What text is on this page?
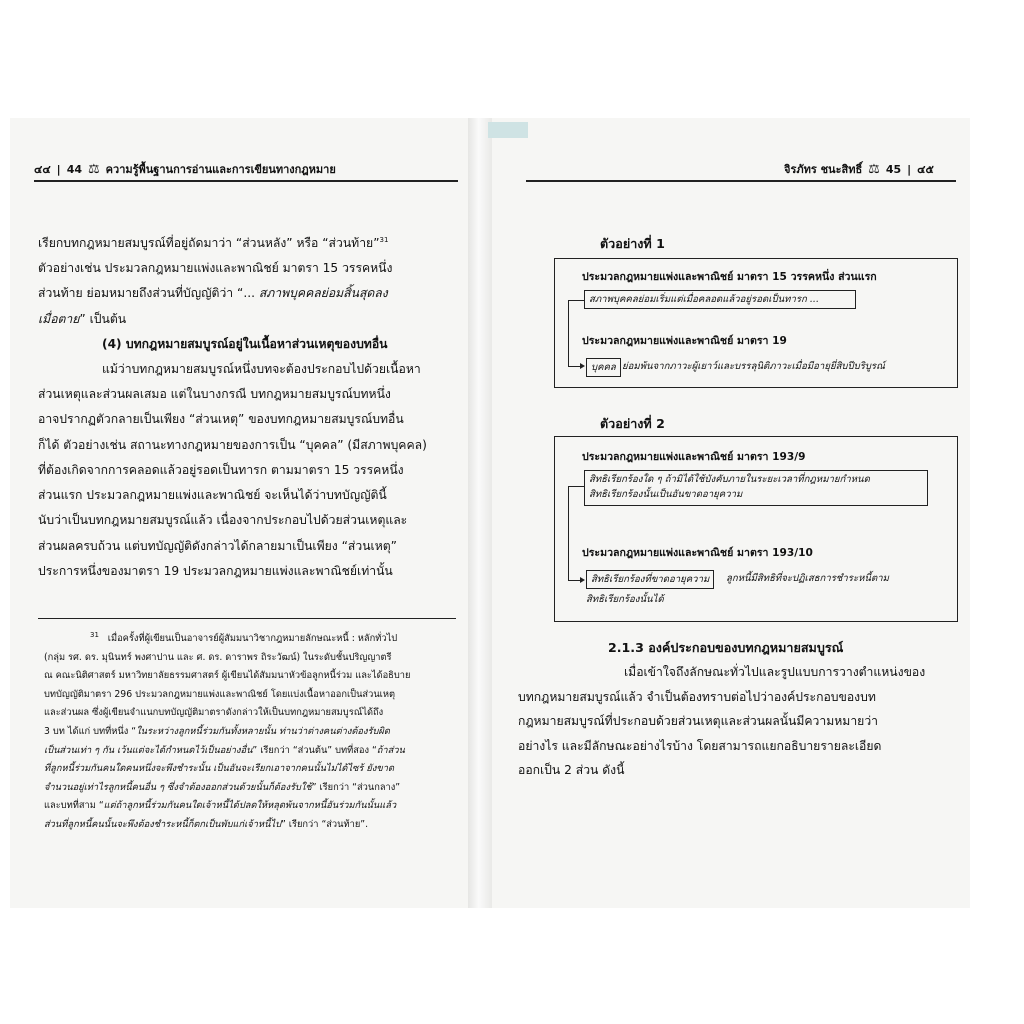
๔๔ | 44 ⚖ ความรู้พื้นฐานการอ่านและการเขียนทางกฎหมาย

เรียกบทกฎหมายสมบูรณ์ที่อยู่ถัดมาว่า “ส่วนหลัง” หรือ “ส่วนท้าย”$^{31}$

ตัวอย่างเช่น ประมวลกฎหมายแพ่งและพาณิชย์ มาตรา 15 วรรคหนึ่ง

ส่วนท้าย ย่อมหมายถึงส่วนที่บัญญัติว่า “... สภาพบุคคลย่อมสิ้นสุดลง

เมื่อตาย” เป็นต้น

(4) บทกฎหมายสมบูรณ์อยู่ในเนื้อหาส่วนเหตุของบทอื่น

แม้ว่าบทกฎหมายสมบูรณ์หนึ่งบทจะต้องประกอบไปด้วยเนื้อหา

ส่วนเหตุและส่วนผลเสมอ แต่ในบางกรณี บทกฎหมายสมบูรณ์บทหนึ่ง

อาจปรากฏตัวกลายเป็นเพียง “ส่วนเหตุ” ของบทกฎหมายสมบูรณ์บทอื่น

ก็ได้ ตัวอย่างเช่น สถานะทางกฎหมายของการเป็น “บุคคล” (มีสภาพบุคคล)

ที่ต้องเกิดจากการคลอดแล้วอยู่รอดเป็นทารก ตามมาตรา 15 วรรคหนึ่ง

ส่วนแรก ประมวลกฎหมายแพ่งและพาณิชย์ จะเห็นได้ว่าบทบัญญัตินี้

นับว่าเป็นบทกฎหมายสมบูรณ์แล้ว เนื่องจากประกอบไปด้วยส่วนเหตุและ

ส่วนผลครบถ้วน แต่บทบัญญัติดังกล่าวได้กลายมาเป็นเพียง “ส่วนเหตุ”

ประการหนึ่งของมาตรา 19 ประมวลกฎหมายแพ่งและพาณิชย์เท่านั้น

$^{31}$ เมื่อครั้งที่ผู้เขียนเป็นอาจารย์ผู้สัมมนาวิชากฎหมายลักษณะหนี้ : หลักทั่วไป

(กลุ่ม รศ. ดร. มุนินทร์ พงศาปาน และ ศ. ดร. ดาราพร ถิระวัฒน์) ในระดับชั้นปริญญาตรี

ณ คณะนิติศาสตร์ มหาวิทยาลัยธรรมศาสตร์ ผู้เขียนได้สัมมนาหัวข้อลูกหนี้ร่วม และได้อธิบาย

บทบัญญัติมาตรา 296 ประมวลกฎหมายแพ่งและพาณิชย์ โดยแบ่งเนื้อหาออกเป็นส่วนเหตุ

และส่วนผล ซึ่งผู้เขียนจำแนกบทบัญญัติมาตราดังกล่าวให้เป็นบทกฎหมายสมบูรณ์ได้ถึง

3 บท ได้แก่ บทที่หนึ่ง “ในระหว่างลูกหนี้ร่วมกันทั้งหลายนั้น ท่านว่าต่างคนต่างต้องรับผิด

เป็นส่วนเท่า ๆ กัน เว้นแต่จะได้กำหนดไว้เป็นอย่างอื่น” เรียกว่า “ส่วนต้น” บทที่สอง “ถ้าส่วน

ที่ลูกหนี้ร่วมกันคนใดคนหนึ่งจะพึงชำระนั้น เป็นอันจะเรียกเอาจากคนนั้นไม่ได้ไซร้ ยังขาด

จำนวนอยู่เท่าไรลูกหนี้คนอื่น ๆ ซึ่งจำต้องออกส่วนด้วยนั้นก็ต้องรับใช้” เรียกว่า “ส่วนกลาง”

และบทที่สาม “แต่ถ้าลูกหนี้ร่วมกันคนใดเจ้าหนี้ได้ปลดให้หลุดพ้นจากหนี้อันร่วมกันนั้นแล้ว

ส่วนที่ลูกหนี้คนนั้นจะพึงต้องชำระหนี้ก็ตกเป็นพับแก่เจ้าหนี้ไป” เรียกว่า “ส่วนท้าย”.

จิรภัทร ชนะสิทธิ์ ⚖ 45 | ๔๕
ตัวอย่างที่ 1
ประมวลกฎหมายแพ่งและพาณิชย์ มาตรา 15 วรรคหนึ่ง ส่วนแรก
สภาพบุคคลย่อมเริ่มแต่เมื่อคลอดแล้วอยู่รอดเป็นทารก ...
ประมวลกฎหมายแพ่งและพาณิชย์ มาตรา 19
บุคคล ย่อมพ้นจากภาวะผู้เยาว์และบรรลุนิติภาวะเมื่อมีอายุยี่สิบปีบริบูรณ์
ตัวอย่างที่ 2
ประมวลกฎหมายแพ่งและพาณิชย์ มาตรา 193/9
สิทธิเรียกร้องใด ๆ ถ้ามิได้ใช้บังคับภายในระยะเวลาที่กฎหมายกำหนด
สิทธิเรียกร้องนั้นเป็นอันขาดอายุความ
ประมวลกฎหมายแพ่งและพาณิชย์ มาตรา 193/10
สิทธิเรียกร้องที่ขาดอายุความ	ลูกหนี้มีสิทธิที่จะปฏิเสธการชำระหนี้ตาม
สิทธิเรียกร้องนั้นได้
2.1.3 องค์ประกอบของบทกฎหมายสมบูรณ์

เมื่อเข้าใจถึงลักษณะทั่วไปและรูปแบบการวางตำแหน่งของ

บทกฎหมายสมบูรณ์แล้ว จำเป็นต้องทราบต่อไปว่าองค์ประกอบของบท

กฎหมายสมบูรณ์ที่ประกอบด้วยส่วนเหตุและส่วนผลนั้นมีความหมายว่า

อย่างไร และมีลักษณะอย่างไรบ้าง โดยสามารถแยกอธิบายรายละเอียด

ออกเป็น 2 ส่วน ดังนี้
